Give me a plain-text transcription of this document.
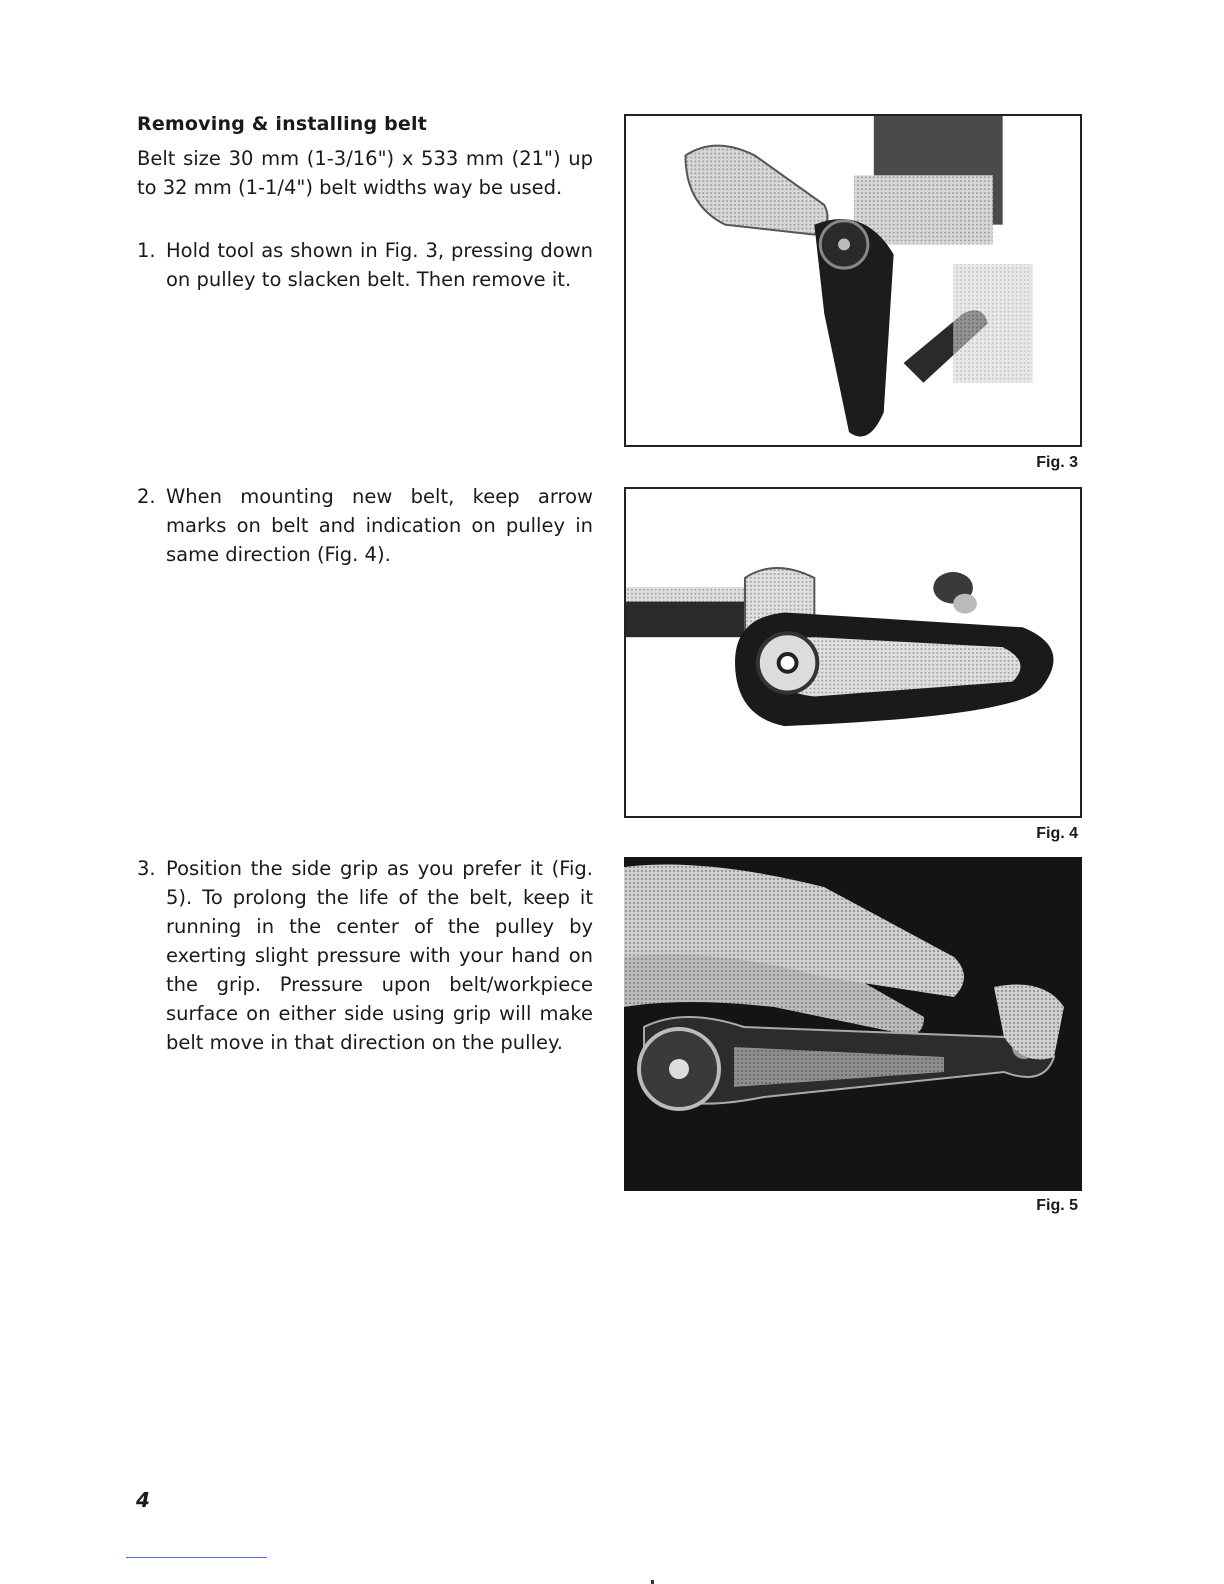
Removing & installing belt
Belt size 30 mm (1-3/16") x 533 mm (21") up to 32 mm (1-1/4") belt widths way be used.
1. Hold tool as shown in Fig. 3, pressing down on pulley to slacken belt. Then remove it.
2. When mounting new belt, keep arrow marks on belt and indication on pulley in same direction (Fig. 4).
3. Position the side grip as you prefer it (Fig. 5). To prolong the life of the belt, keep it running in the center of the pulley by exerting slight pressure with your hand on the grip. Pressure upon belt/workpiece surface on either side using grip will make belt move in that direction on the pulley.
Fig. 3
Fig. 4
Fig. 5
4
